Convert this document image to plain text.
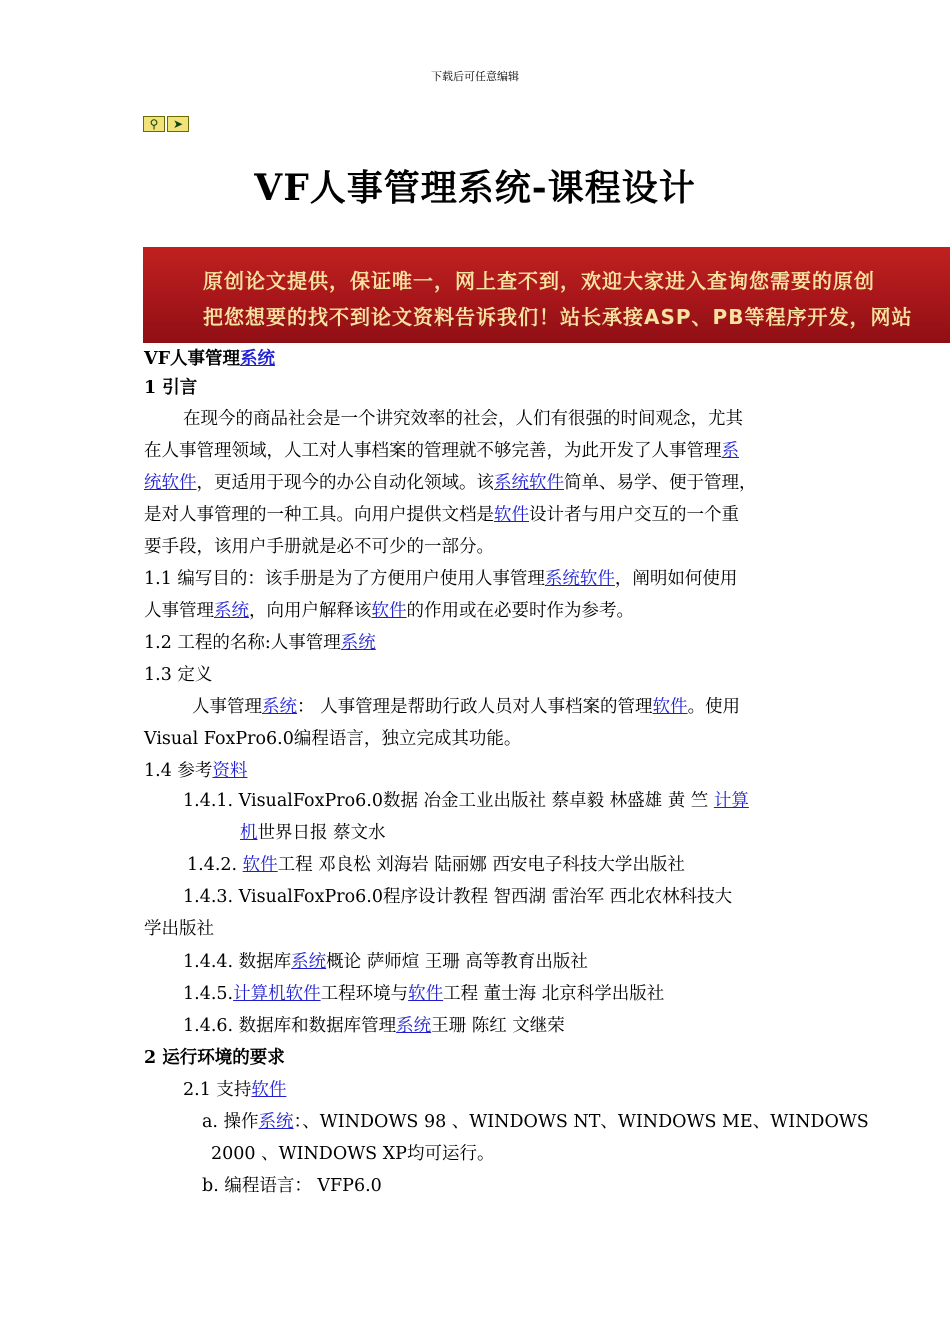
下载后可任意编辑
⚲	➤
VF人事管理系统-课程设计
原创论文提供，保证唯一，网上查不到，欢迎大家进入查询您需要的原创
把您想要的找不到论文资料告诉我们！站长承接ASP、PB等程序开发，网站
VF人事管理系统
1 引言
在现今的商品社会是一个讲究效率的社会，人们有很强的时间观念，尤其
在人事管理领域，人工对人事档案的管理就不够完善，为此开发了人事管理系
统软件，更适用于现今的办公自动化领域。该系统软件简单、易学、便于管理，
是对人事管理的一种工具。向用户提供文档是软件设计者与用户交互的一个重
要手段，该用户手册就是必不可少的一部分。
1.1 编写目的：该手册是为了方便用户使用人事管理系统软件，阐明如何使用
人事管理系统，向用户解释该软件的作用或在必要时作为参考。
1.2 工程的名称:人事管理系统
1.3 定义
人事管理系统： 人事管理是帮助行政人员对人事档案的管理软件。使用
Visual FoxPro6.0编程语言，独立完成其功能。
1.4 参考资料
1.4.1. VisualFoxPro6.0数据 冶金工业出版社 蔡卓毅 林盛雄 黄 竺 计算
机世界日报 蔡文水
1.4.2. 软件工程 邓良松 刘海岩 陆丽娜 西安电子科技大学出版社
1.4.3. VisualFoxPro6.0程序设计教程 智西湖 雷治军 西北农林科技大
学出版社
1.4.4. 数据库系统概论 萨师煊 王珊 高等教育出版社
1.4.5.计算机软件工程环境与软件工程 董士海 北京科学出版社
1.4.6. 数据库和数据库管理系统王珊 陈红 文继荣
2 运行环境的要求
2.1 支持软件
a. 操作系统：、WINDOWS 98 、WINDOWS NT、WINDOWS ME、WINDOWS
2000 、WINDOWS XP均可运行。
b. 编程语言： VFP6.0
